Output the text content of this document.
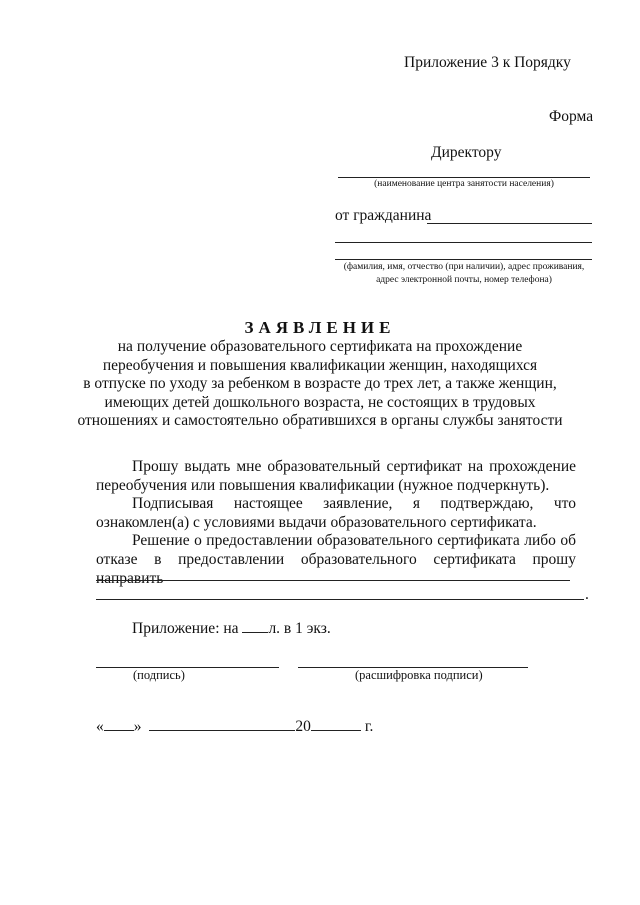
Приложение 3 к Порядку
Форма
Директору
(наименование центра занятости населения)
от гражданина
(фамилия, имя, отчество (при наличии), адрес проживания,
адрес электронной почты, номер телефона)
ЗАЯВЛЕНИЕ
на получение образовательного сертификата на прохождение
переобучения и повышения квалификации женщин, находящихся
в отпуске по уходу за ребенком в возрасте до трех лет, а также женщин,
имеющих детей дошкольного возраста, не состоящих в трудовых
отношениях и самостоятельно обратившихся в органы службы занятости

Прошу выдать мне образовательный сертификат на прохождение переобучения или повышения квалификации (нужное подчеркнуть).

Подписывая настоящее заявление, я подтверждаю, что ознакомлен(а) с условиями выдачи образовательного сертификата.

Решение о предоставлении образовательного сертификата либо об отказе в предоставлении образовательного сертификата прошу направить

.
Приложение: на л. в 1 экз.
(подпись)	(расшифровка подписи)
« »	20	г.
